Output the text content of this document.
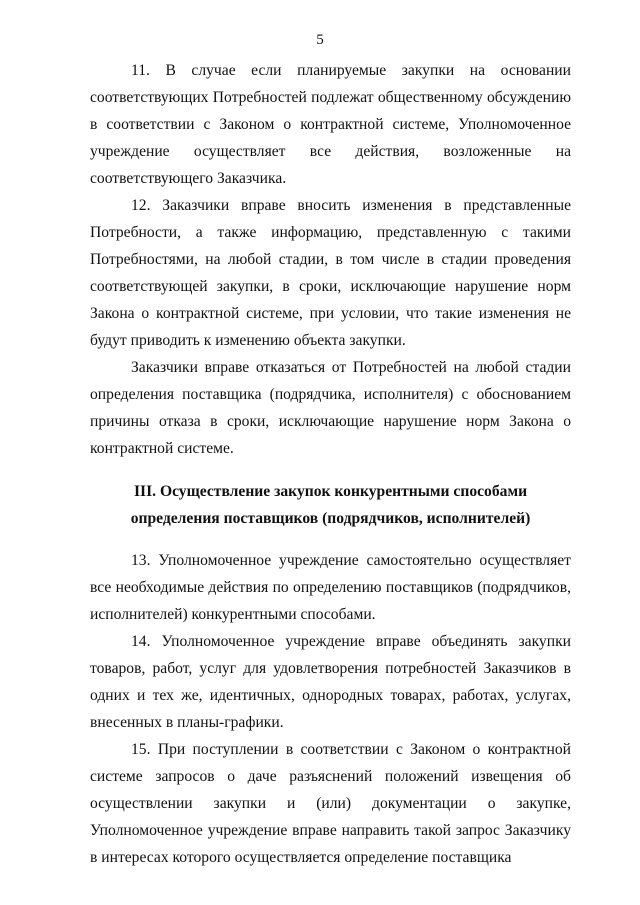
5

11. В случае если планируемые закупки на основании соответствующих Потребностей подлежат общественному обсуждению в соответствии с Законом о контрактной системе, Уполномоченное учреждение осуществляет все действия, возложенные на соответствующего Заказчика.

12. Заказчики вправе вносить изменения в представленные Потребности, а также информацию, представленную с такими Потребностями, на любой стадии, в том числе в стадии проведения соответствующей закупки, в сроки, исключающие нарушение норм Закона о контрактной системе, при условии, что такие изменения не будут приводить к изменению объекта закупки.

Заказчики вправе отказаться от Потребностей на любой стадии определения поставщика (подрядчика, исполнителя) с обоснованием причины отказа в сроки, исключающие нарушение норм Закона о контрактной системе.

III. Осуществление закупок конкурентными способами
определения поставщиков (подрядчиков, исполнителей)

13. Уполномоченное учреждение самостоятельно осуществляет все необходимые действия по определению поставщиков (подрядчиков, исполнителей) конкурентными способами.

14. Уполномоченное учреждение вправе объединять закупки товаров, работ, услуг для удовлетворения потребностей Заказчиков в одних и тех же, идентичных, однородных товарах, работах, услугах, внесенных в планы-графики.

15. При поступлении в соответствии с Законом о контрактной системе запросов о даче разъяснений положений извещения об осуществлении закупки и (или) документации о закупке, Уполномоченное учреждение вправе направить такой запрос Заказчику в интересах которого осуществляется определение поставщика
